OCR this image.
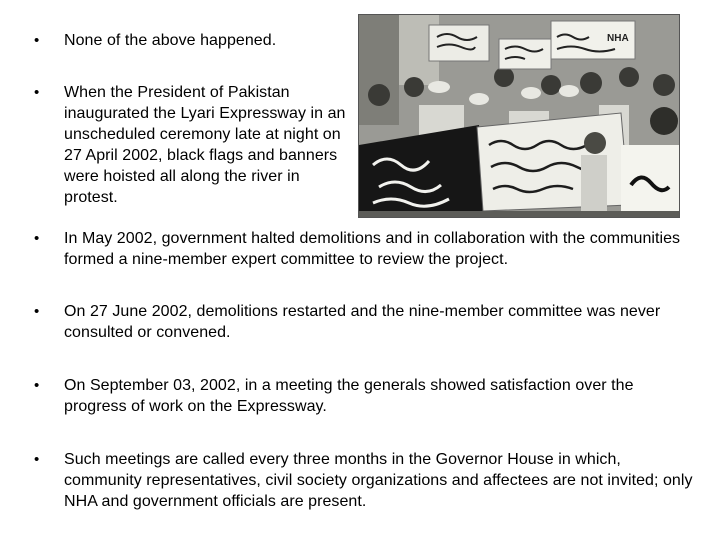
• None of the above happened.
• When the President of Pakistan inaugurated the Lyari Expressway in an unscheduled ceremony late at night on 27 April 2002, black flags and banners were hoisted all along the river in protest.
• In May 2002, government halted demolitions and in collaboration with the communities formed a nine-member expert committee to review the project.
• On 27 June 2002, demolitions restarted and the nine-member committee was never consulted or convened.
• On September 03, 2002, in a meeting the generals showed satisfaction over the progress of work on the Expressway.
• Such meetings are called every three months in the Governor House in which, community representatives, civil society organizations and affectees are not invited; only NHA and government officials are present.
NHA
